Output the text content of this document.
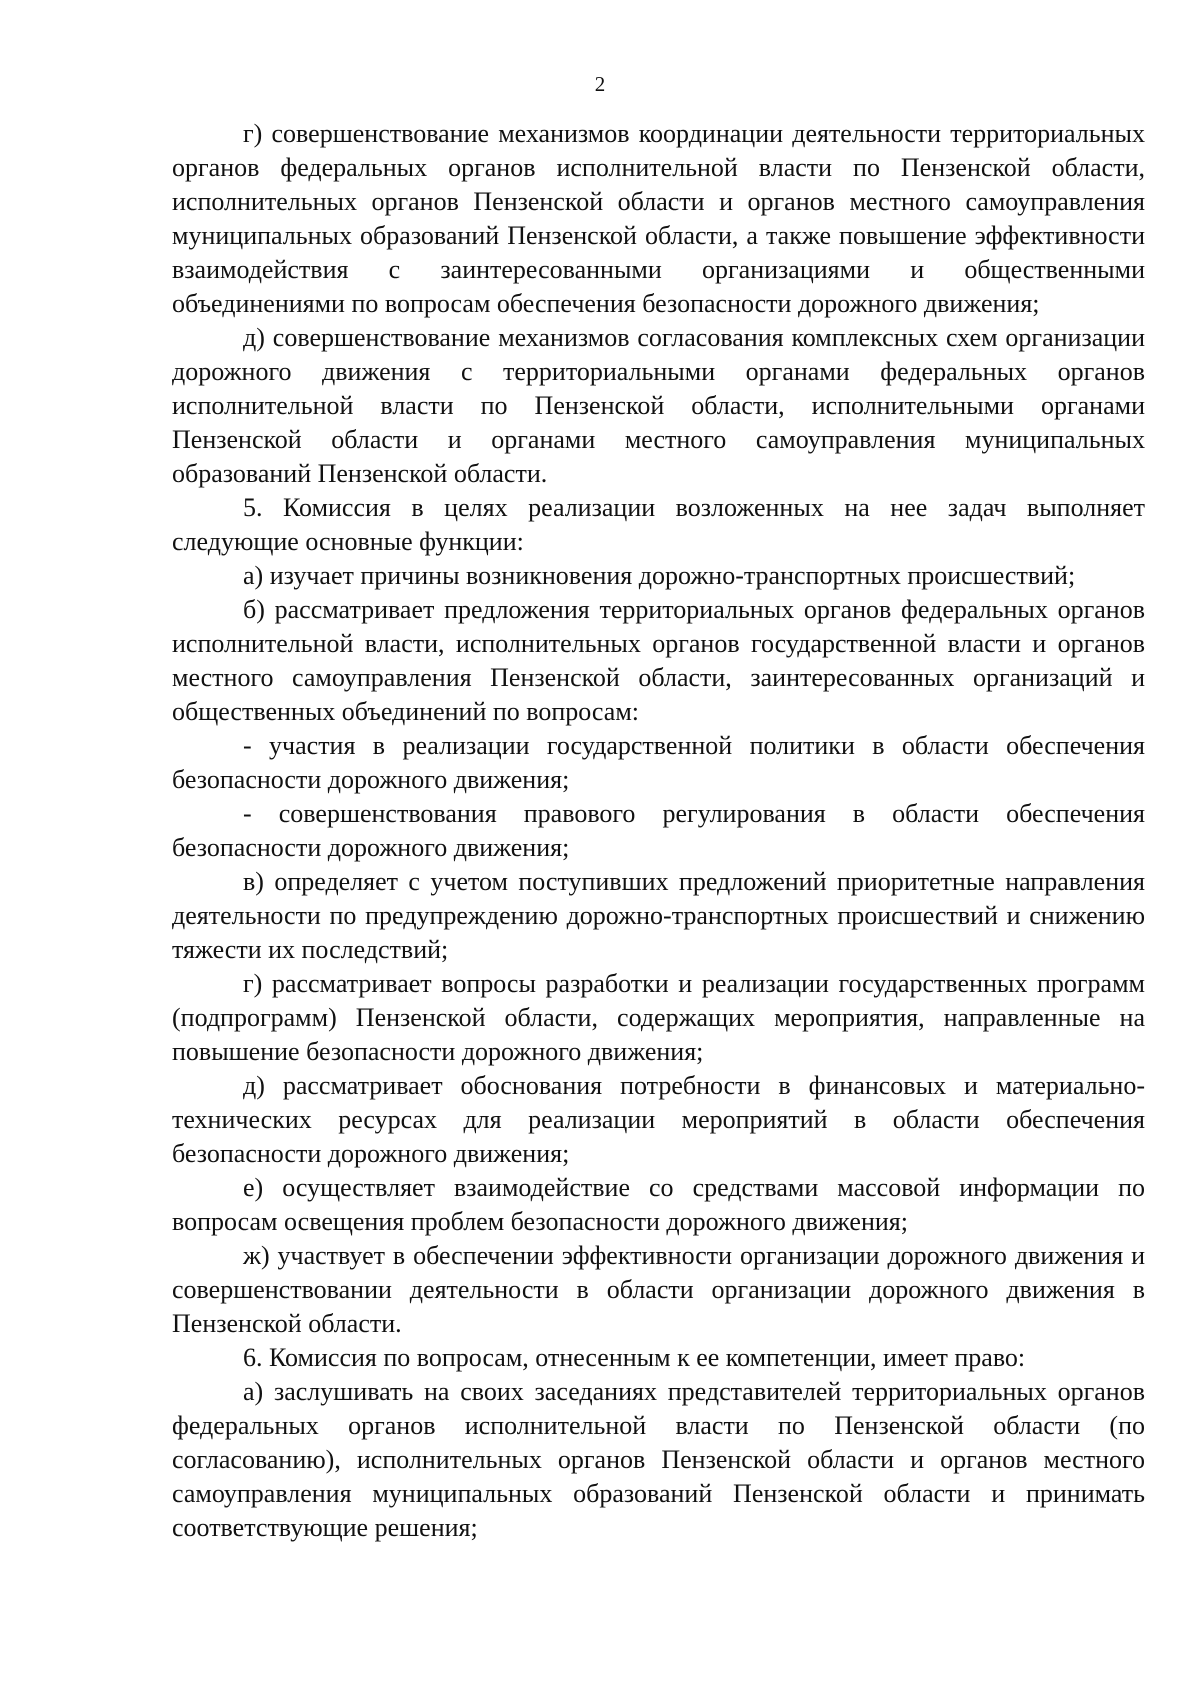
2

г) совершенствование механизмов координации деятельности территориальных органов федеральных органов исполнительной власти по Пензенской области, исполнительных органов Пензенской области и органов местного самоуправления муниципальных образований Пензенской области, а также повышение эффективности взаимодействия с заинтересованными организациями и общественными объединениями по вопросам обеспечения безопасности дорожного движения;

д) совершенствование механизмов согласования комплексных схем организации дорожного движения с территориальными органами федеральных органов исполнительной власти по Пензенской области, исполнительными органами Пензенской области и органами местного самоуправления муниципальных образований Пензенской области.

5. Комиссия в целях реализации возложенных на нее задач выполняет следующие основные функции:

а) изучает причины возникновения дорожно-транспортных происшествий;

б) рассматривает предложения территориальных органов федеральных органов исполнительной власти, исполнительных органов государственной власти и органов местного самоуправления Пензенской области, заинтересованных организаций и общественных объединений по вопросам:

- участия в реализации государственной политики в области обеспечения безопасности дорожного движения;

- совершенствования правового регулирования в области обеспечения безопасности дорожного движения;

в) определяет с учетом поступивших предложений приоритетные направления деятельности по предупреждению дорожно-транспортных происшествий и снижению тяжести их последствий;

г) рассматривает вопросы разработки и реализации государственных программ (подпрограмм) Пензенской области, содержащих мероприятия, направленные на повышение безопасности дорожного движения;

д) рассматривает обоснования потребности в финансовых и материально-технических ресурсах для реализации мероприятий в области обеспечения безопасности дорожного движения;

е) осуществляет взаимодействие со средствами массовой информации по вопросам освещения проблем безопасности дорожного движения;

ж) участвует в обеспечении эффективности организации дорожного движения и совершенствовании деятельности в области организации дорожного движения в Пензенской области.

6. Комиссия по вопросам, отнесенным к ее компетенции, имеет право:

а) заслушивать на своих заседаниях представителей территориальных органов федеральных органов исполнительной власти по Пензенской области (по согласованию), исполнительных органов Пензенской области и органов местного самоуправления муниципальных образований Пензенской области и принимать соответствующие решения;
